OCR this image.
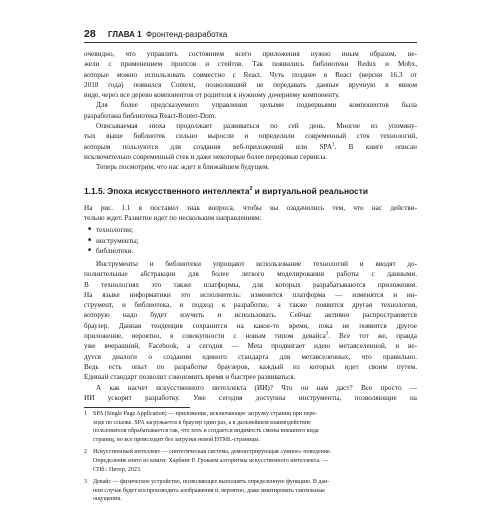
28 ГЛАВА 1 Фронтенд-разработка
очевидно, что управлять состоянием всего приложения нужно иным образом, не-
жели с применением пропсов и стейтов. Так появились библиотеки Redux и Mobx,
которые можно использовать совместно с React. Чуть позднее в React (версия 16.3 от
2018 года) появился Context, позволивший не передавать данные вручную в явном
виде, через все дерево компонентов от родителя к нужному дочернему компоненту.
Для более предсказуемого управления целыми подвервьями компонентов была
разработана библиотека React-Router-Dom.
Описываемая эпоха продолжает развиваться по сей день. Многие из упомяну-
тых выше библиотек сильно выросли и определили современный стек технологий,
которым пользуются для создания веб-приложений или SPA$^1$. В книге описан
исключительно современный стек и даже некоторые более передовые сервисы.
Теперь посмотрим, что нас ждет в ближайшем будущем.
1.1.5. Эпоха искусственного интеллекта$^2$ и виртуальной реальности
На рис. 1.1 я поставил знак вопроса, чтобы вы озадачились тем, что нас действи-
тельно ждет. Развитие идет по нескольким направлениям:
■ технологии;
■ инструменты;
■ библиотеки.
Инструменты и библиотеки упрощают использование технологий и вводят до-
полнительные абстракции для более легкого моделирования работы с данными.
В технологиях это также платформы, для которых разрабатываются приложения.
На языке информатики это исполнитель: изменится платформа — изменятся и ин-
струмент, и библиотека, и подход к разработке, а также появится другая технология,
которую надо будет изучить и использовать. Сейчас активно распространяется
браузер. Данная тенденция сохранится на какое-то время, пока не появится другое
приложение, вероятно, в совокупности с новым типом девайса$^3$. Все тот же, правда
уже вчерашний, Facebook, а сегодня — Meta продвигает идею метавселенной, и ве-
дутся диалоги о создании единого стандарта для метавселенных, что правильно.
Ведь есть опыт по разработке браузеров, каждый из которых идет своим путем.
Единый стандарт позволит сэкономить время и быстрее развиваться.
А как насчет искусственного интеллекта (ИИ)? Что он нам даст? Все просто —
ИИ ускорит разработку. Уже сегодня доступны инструменты, позволяющие на
1 SPA (Single Page Application) — приложение, исключающее загрузку страниц при пере-
ходе по ссылке. SPA загружается в браузер один раз, а в дальнейшем взаимодействие
пользователя обрабатывается так, что хоть и создается видимость смены внешнего вида
страниц, но все происходит без загрузки новой HTML-страницы.
2 Искусственный интеллект — синтетическая система, демонстрирующая «умное» поведение.
Определение взято из книги: Харбинг Р. Грокаем алгоритмы искусственного интеллекта. —
СПб.: Питер, 2023.
3 Девайс — физическое устройство, позволяющее выполнять определенную функцию. В дан-
ном случае будет воспроизводить изображения и, вероятно, даже имитировать тактильные
ощущения.
